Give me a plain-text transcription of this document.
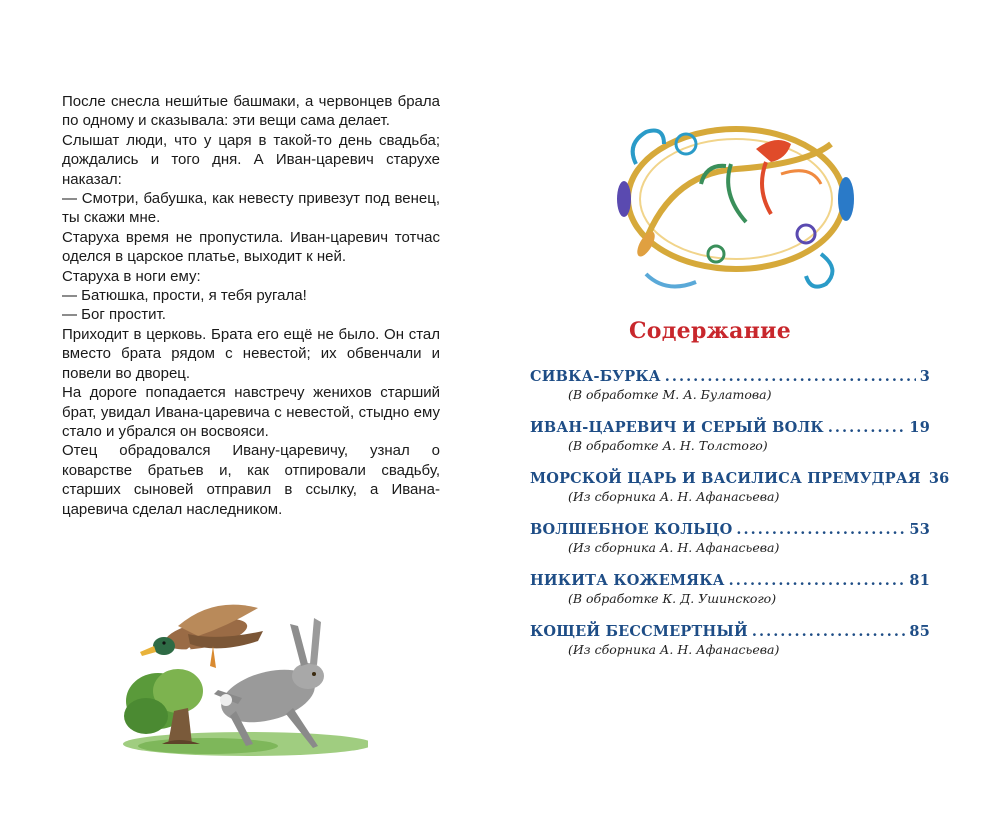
После снесла неши́тые башмаки, а червонцев брала по одному и сказывала: эти вещи сама делает.

Слышат люди, что у царя в такой-то день свадьба; дождались и того дня. А Иван-царевич старухе наказал:

— Смотри, бабушка, как невесту привезут под венец, ты скажи мне.

Старуха время не пропустила. Иван-царевич тотчас оделся в царское платье, выходит к ней.

Старуха в ноги ему:

— Батюшка, прости, я тебя ругала!

— Бог простит.

Приходит в церковь. Брата его ещё не было. Он стал вместо брата рядом с невестой; их обвенчали и повели во дворец.

На дороге попадается навстречу женихов старший брат, увидал Ивана-царевича с невестой, стыдно ему стало и убрался он восвояси.

Отец обрадовался Ивану-царевичу, узнал о коварстве братьев и, как отпировали свадьбу, старших сыновей отправил в ссылку, а Ивана-царевича сделал наследником.

Содержание
СИВКА-БУРКА . . .	3
(В обработке М. А. Булатова)
ИВАН-ЦАРЕВИЧ И СЕРЫЙ ВОЛК . . .	19
(В обработке А. Н. Толстого)
МОРСКОЙ ЦАРЬ И ВАСИЛИСА ПРЕМУДРАЯ 36
(Из сборника А. Н. Афанасьева)
ВОЛШЕБНОЕ КОЛЬЦО . . .	53
(Из сборника А. Н. Афанасьева)
НИКИТА КОЖЕМЯКА . . .	81
(В обработке К. Д. Ушинского)
КОЩЕЙ БЕССМЕРТНЫЙ . . .	85
(Из сборника А. Н. Афанасьева)
